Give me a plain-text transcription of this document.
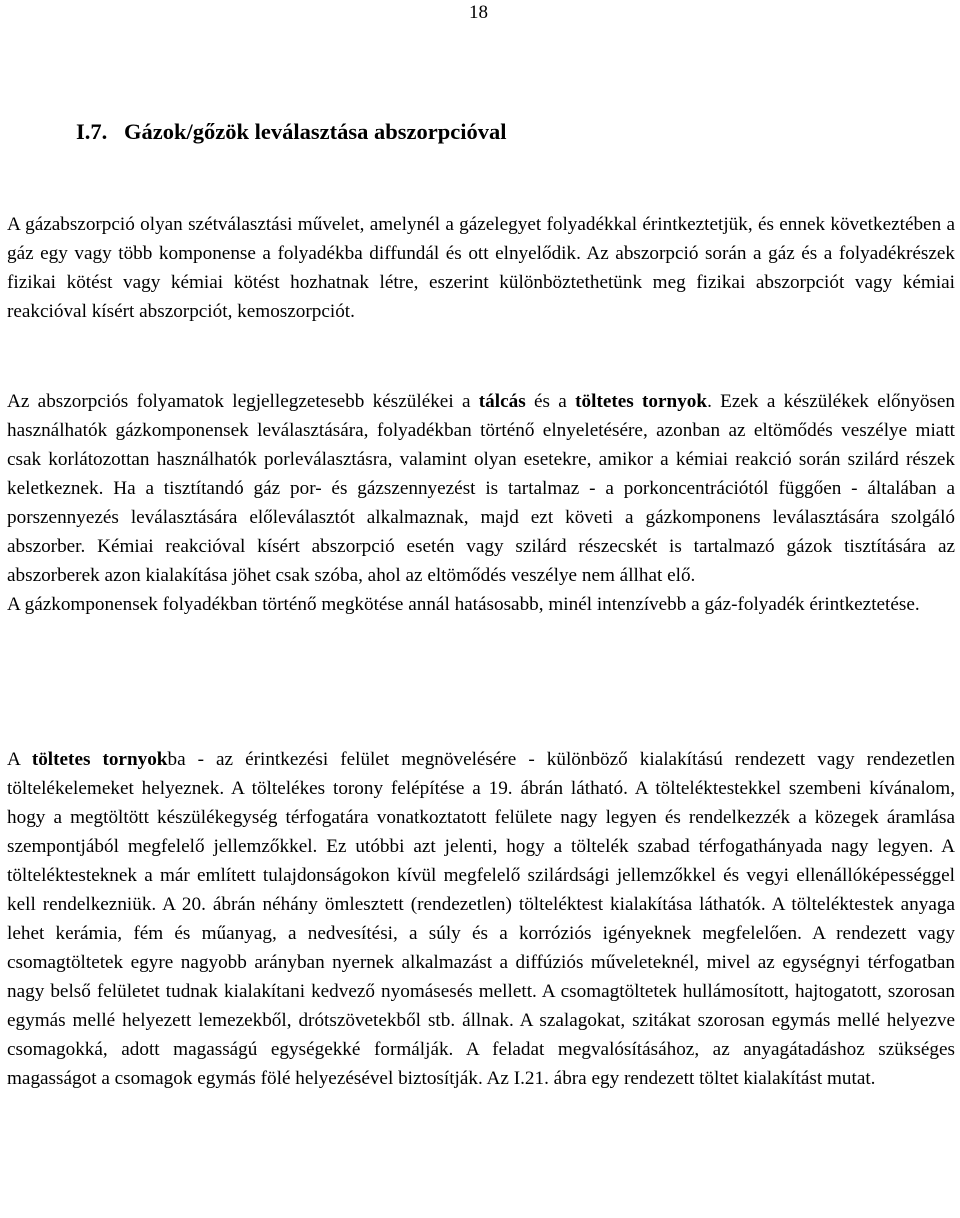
18
I.7. Gázok/gőzök leválasztása abszorpcióval

A gázabszorpció olyan szétválasztási művelet, amelynél a gázelegyet folyadékkal érintkeztetjük, és ennek következtében a gáz egy vagy több komponense a folyadékba diffundál és ott elnyelődik. Az abszorpció során a gáz és a folyadékrészek fizikai kötést vagy kémiai kötést hozhatnak létre, eszerint különböztethetünk meg fizikai abszorpciót vagy kémiai reakcióval kísért abszorpciót, kemoszorpciót.

Az abszorpciós folyamatok legjellegzetesebb készülékei a tálcás és a töltetes tornyok. Ezek a készülékek előnyösen használhatók gázkomponensek leválasztására, folyadékban történő elnyeletésére, azonban az eltömődés veszélye miatt csak korlátozottan használhatók porleválasztásra, valamint olyan esetekre, amikor a kémiai reakció során szilárd részek keletkeznek. Ha a tisztítandó gáz por- és gázszennyezést is tartalmaz - a porkoncentrációtól függően - általában a porszennyezés leválasztására előleválasztót alkalmaznak, majd ezt követi a gázkomponens leválasztására szolgáló abszorber. Kémiai reakcióval kísért abszorpció esetén vagy szilárd részecskét is tartalmazó gázok tisztítására az abszorberek azon kialakítása jöhet csak szóba, ahol az eltömődés veszélye nem állhat elő.

A gázkomponensek folyadékban történő megkötése annál hatásosabb, minél intenzívebb a gáz-folyadék érintkeztetése.

A töltetes tornyokba - az érintkezési felület megnövelésére - különböző kialakítású rendezett vagy rendezetlen töltelékelemeket helyeznek. A töltelékes torony felépítése a 19. ábrán látható. A tölteléktestekkel szembeni kívánalom, hogy a megtöltött készülékegység térfogatára vonatkoztatott felülete nagy legyen és rendelkezzék a közegek áramlása szempontjából megfelelő jellemzőkkel. Ez utóbbi azt jelenti, hogy a töltelék szabad térfogathányada nagy legyen. A tölteléktesteknek a már említett tulajdonságokon kívül megfelelő szilárdsági jellemzőkkel és vegyi ellenállóképességgel kell rendelkezniük. A 20. ábrán néhány ömlesztett (rendezetlen) tölteléktest kialakítása láthatók. A tölteléktestek anyaga lehet kerámia, fém és műanyag, a nedvesítési, a súly és a korróziós igényeknek megfelelően. A rendezett vagy csomagtöltetek egyre nagyobb arányban nyernek alkalmazást a diffúziós műveleteknél, mivel az egységnyi térfogatban nagy belső felületet tudnak kialakítani kedvező nyomásesés mellett. A csomagtöltetek hullámosított, hajtogatott, szorosan egymás mellé helyezett lemezekből, drótszövetekből stb. állnak. A szalagokat, szitákat szorosan egymás mellé helyezve csomagokká, adott magasságú egységekké formálják. A feladat megvalósításához, az anyagátadáshoz szükséges magasságot a csomagok egymás fölé helyezésével biztosítják. Az I.21. ábra egy rendezett töltet kialakítást mutat.
